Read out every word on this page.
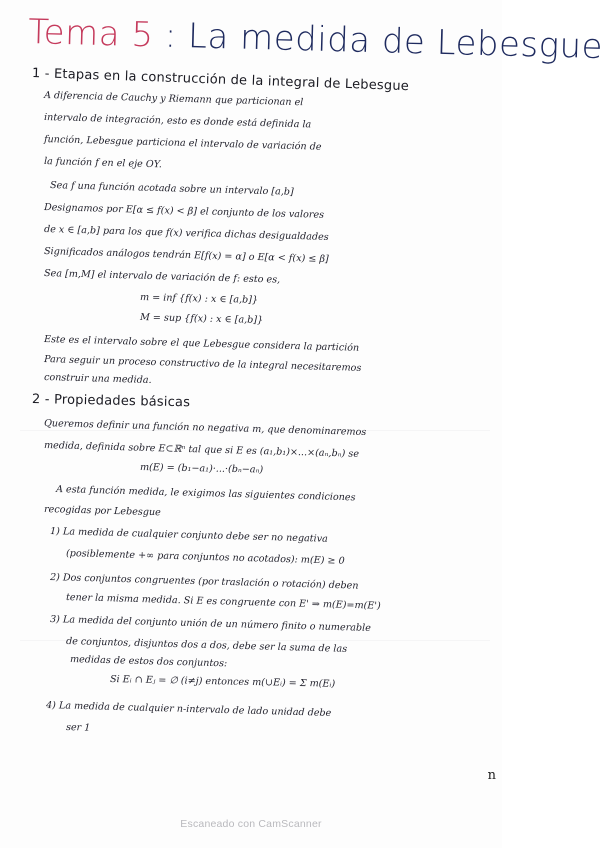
Tema 5 : La medida de Lebesgue
1 - Etapas en la construcción de la integral de Lebesgue
A diferencia de Cauchy y Riemann que particionan el
intervalo de integración, esto es donde está definida la
función, Lebesgue particiona el intervalo de variación de
la función f en el eje OY.
Sea f una función acotada sobre un intervalo [a,b]
Designamos por E[α ≤ f(x) < β] el conjunto de los valores
de x ∈ [a,b] para los que f(x) verifica dichas desigualdades
Significados análogos tendrán E[f(x) = α] o E[α < f(x) ≤ β]
Sea [m,M] el intervalo de variación de f: esto es,
m = inf {f(x) : x ∈ [a,b]}
M = sup {f(x) : x ∈ [a,b]}
Este es el intervalo sobre el que Lebesgue considera la partición
Para seguir un proceso constructivo de la integral necesitaremos
construir una medida.
2 - Propiedades básicas
Queremos definir una función no negativa m, que denominaremos
medida, definida sobre E⊂ℝⁿ tal que si E es (a₁,b₁)×...×(aₙ,bₙ) se
m(E) = (b₁−a₁)·...·(bₙ−aₙ)
A esta función medida, le exigimos las siguientes condiciones
recogidas por Lebesgue
1) La medida de cualquier conjunto debe ser no negativa
(posiblemente +∞ para conjuntos no acotados): m(E) ≥ 0
2) Dos conjuntos congruentes (por traslación o rotación) deben
tener la misma medida. Si E es congruente con E' ⇒ m(E)=m(E')
3) La medida del conjunto unión de un número finito o numerable
de conjuntos, disjuntos dos a dos, debe ser la suma de las
medidas de estos dos conjuntos:
Si Eᵢ ∩ Eⱼ = ∅ (i≠j) entonces m(∪Eᵢ) = Σ m(Eᵢ)
4) La medida de cualquier n-intervalo de lado unidad debe
ser 1
n
Escaneado con CamScanner
